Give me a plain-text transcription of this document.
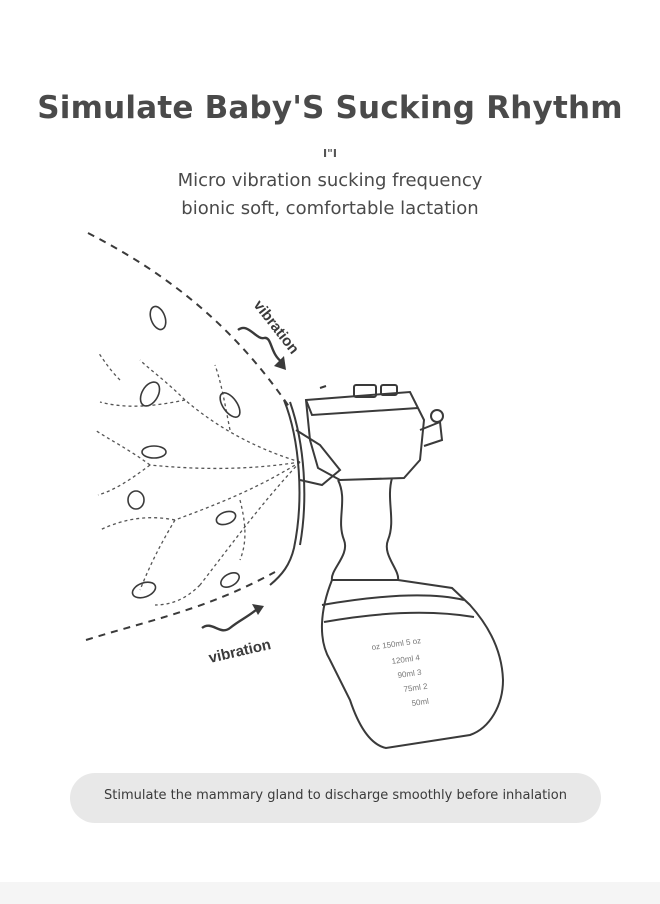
Simulate Baby'S Sucking Rhythm
I"I
Micro vibration sucking frequency
bionic soft, comfortable lactation
vibration
vibration	oz 150ml 5 oz
120ml 4
90ml 3
75ml 2
50ml
Stimulate the mammary gland to discharge smoothly before inhalation
